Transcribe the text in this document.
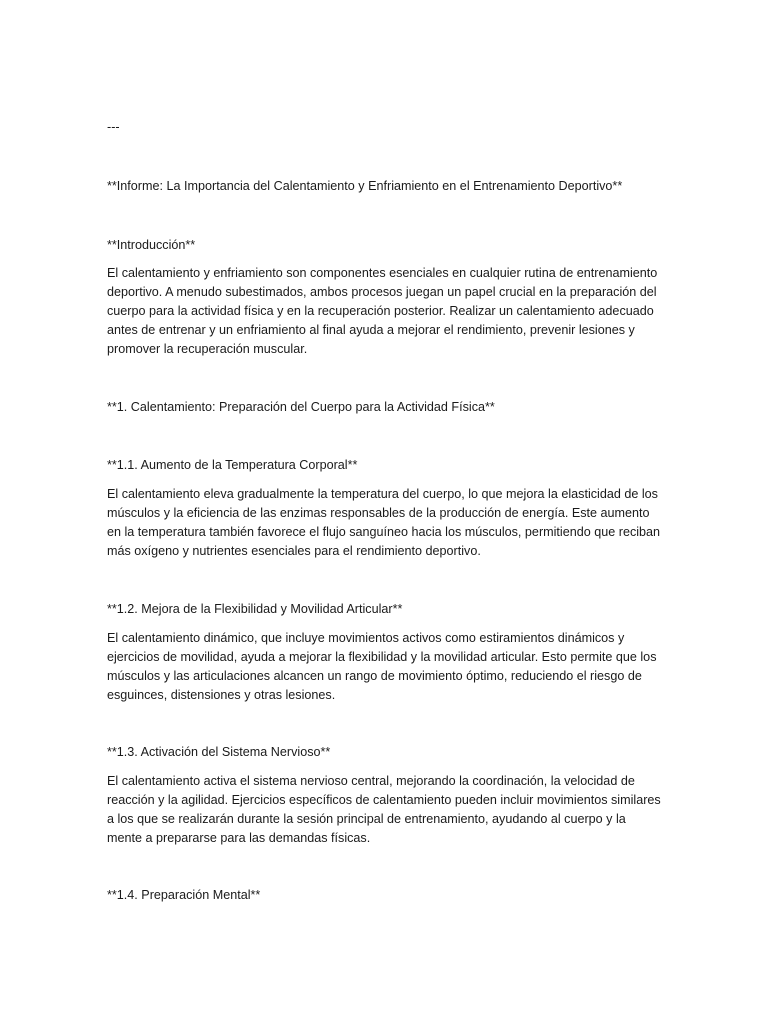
---

**Informe: La Importancia del Calentamiento y Enfriamiento en el Entrenamiento Deportivo**

**Introducción**

El calentamiento y enfriamiento son componentes esenciales en cualquier rutina de entrenamiento deportivo. A menudo subestimados, ambos procesos juegan un papel crucial en la preparación del cuerpo para la actividad física y en la recuperación posterior. Realizar un calentamiento adecuado antes de entrenar y un enfriamiento al final ayuda a mejorar el rendimiento, prevenir lesiones y promover la recuperación muscular.

**1. Calentamiento: Preparación del Cuerpo para la Actividad Física**

**1.1. Aumento de la Temperatura Corporal**

El calentamiento eleva gradualmente la temperatura del cuerpo, lo que mejora la elasticidad de los músculos y la eficiencia de las enzimas responsables de la producción de energía. Este aumento en la temperatura también favorece el flujo sanguíneo hacia los músculos, permitiendo que reciban más oxígeno y nutrientes esenciales para el rendimiento deportivo.

**1.2. Mejora de la Flexibilidad y Movilidad Articular**

El calentamiento dinámico, que incluye movimientos activos como estiramientos dinámicos y ejercicios de movilidad, ayuda a mejorar la flexibilidad y la movilidad articular. Esto permite que los músculos y las articulaciones alcancen un rango de movimiento óptimo, reduciendo el riesgo de esguinces, distensiones y otras lesiones.

**1.3. Activación del Sistema Nervioso**

El calentamiento activa el sistema nervioso central, mejorando la coordinación, la velocidad de reacción y la agilidad. Ejercicios específicos de calentamiento pueden incluir movimientos similares a los que se realizarán durante la sesión principal de entrenamiento, ayudando al cuerpo y la mente a prepararse para las demandas físicas.

**1.4. Preparación Mental**
